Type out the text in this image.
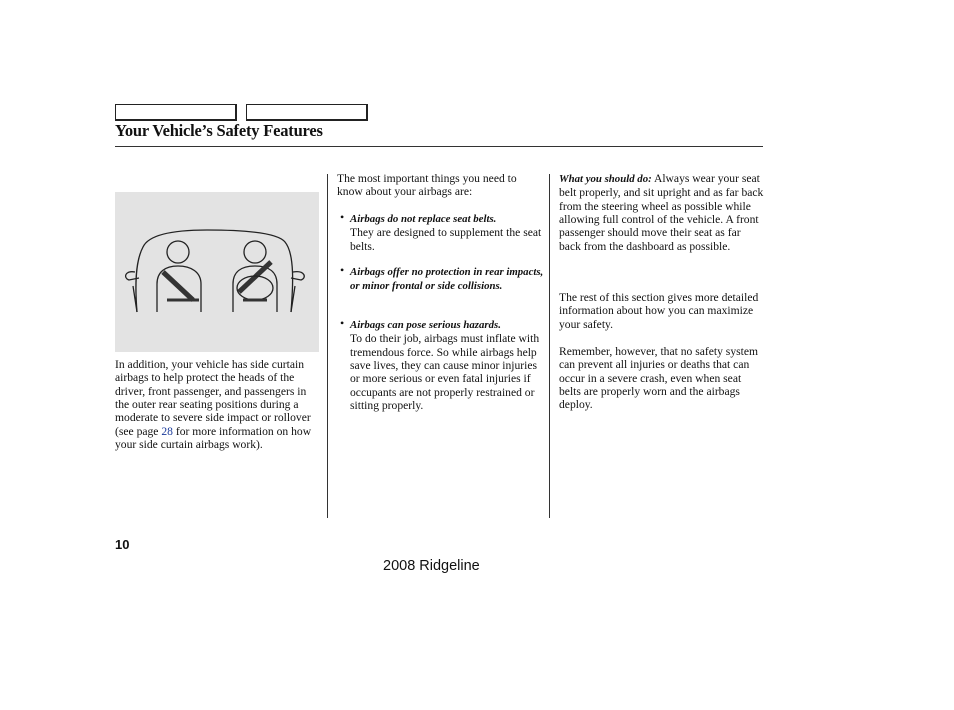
Your Vehicle’s Safety Features

In addition, your vehicle has side curtain airbags to help protect the heads of the driver, front passenger, and passengers in the outer rear seating positions during a moderate to severe side impact or rollover (see page 28 for more information on how your side curtain airbags work).

The most important things you need to know about your airbags are:

• Airbags do not replace seat belts.
They are designed to supplement the seat belts.
• Airbags offer no protection in rear impacts, or minor frontal or side collisions.
• Airbags can pose serious hazards.
To do their job, airbags must inflate with tremendous force. So while airbags help save lives, they can cause minor injuries or more serious or even fatal injuries if occupants are not properly restrained or sitting properly.

What you should do: Always wear your seat belt properly, and sit upright and as far back from the steering wheel as possible while allowing full control of the vehicle. A front passenger should move their seat as far back from the dashboard as possible.

The rest of this section gives more detailed information about how you can maximize your safety.

Remember, however, that no safety system can prevent all injuries or deaths that can occur in a severe crash, even when seat belts are properly worn and the airbags deploy.

10
2008 Ridgeline
